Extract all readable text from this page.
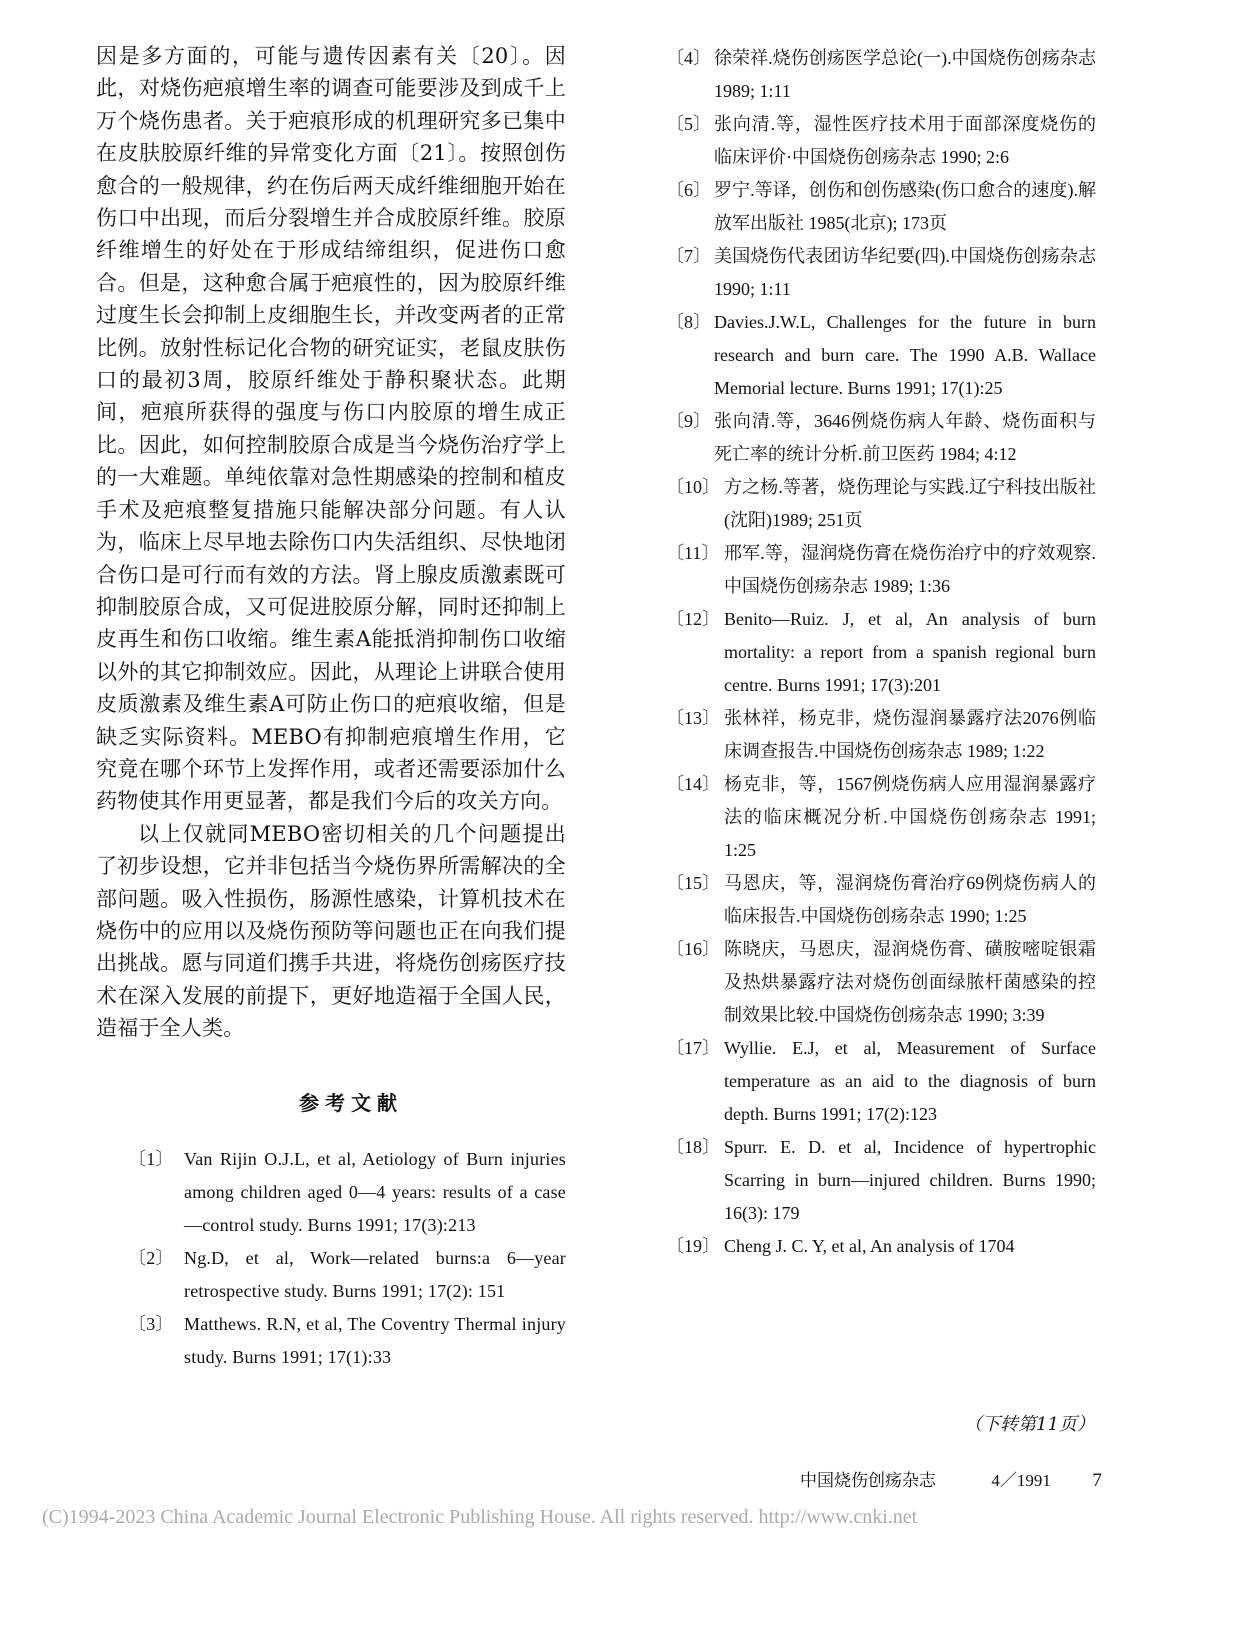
因是多方面的，可能与遗传因素有关〔20〕。因此，对烧伤疤痕增生率的调查可能要涉及到成千上万个烧伤患者。关于疤痕形成的机理研究多已集中在皮肤胶原纤维的异常变化方面〔21〕。按照创伤愈合的一般规律，约在伤后两天成纤维细胞开始在伤口中出现，而后分裂增生并合成胶原纤维。胶原纤维增生的好处在于形成结缔组织，促进伤口愈合。但是，这种愈合属于疤痕性的，因为胶原纤维过度生长会抑制上皮细胞生长，并改变两者的正常比例。放射性标记化合物的研究证实，老鼠皮肤伤口的最初3周，胶原纤维处于静积聚状态。此期间，疤痕所获得的强度与伤口内胶原的增生成正比。因此，如何控制胶原合成是当今烧伤治疗学上的一大难题。单纯依靠对急性期感染的控制和植皮手术及疤痕整复措施只能解决部分问题。有人认为，临床上尽早地去除伤口内失活组织、尽快地闭合伤口是可行而有效的方法。肾上腺皮质激素既可抑制胶原合成，又可促进胶原分解，同时还抑制上皮再生和伤口收缩。维生素A能抵消抑制伤口收缩以外的其它抑制效应。因此，从理论上讲联合使用皮质激素及维生素A可防止伤口的疤痕收缩，但是缺乏实际资料。MEBO有抑制疤痕增生作用，它究竟在哪个环节上发挥作用，或者还需要添加什么药物使其作用更显著，都是我们今后的攻关方向。

以上仅就同MEBO密切相关的几个问题提出了初步设想，它并非包括当今烧伤界所需解决的全部问题。吸入性损伤，肠源性感染，计算机技术在烧伤中的应用以及烧伤预防等问题也正在向我们提出挑战。愿与同道们携手共进，将烧伤创疡医疗技术在深入发展的前提下，更好地造福于全国人民，造福于全人类。

参考文献
〔1〕 Van Rijin O.J.L, et al, Aetiology of Burn injuries among children aged 0—4 years: results of a case—control study. Burns 1991; 17(3):213
〔2〕 Ng.D, et al, Work—related burns:a 6—year retrospective study. Burns 1991; 17(2): 151
〔3〕 Matthews. R.N, et al, The Coventry Thermal injury study. Burns 1991; 17(1):33
〔4〕 徐荣祥.烧伤创疡医学总论(一).中国烧伤创疡杂志 1989; 1:11
〔5〕 张向清.等，湿性医疗技术用于面部深度烧伤的临床评价·中国烧伤创疡杂志 1990; 2:6
〔6〕 罗宁.等译，创伤和创伤感染(伤口愈合的速度).解放军出版社 1985(北京); 173页
〔7〕 美国烧伤代表团访华纪要(四).中国烧伤创疡杂志 1990; 1:11
〔8〕 Davies.J.W.L, Challenges for the future in burn research and burn care. The 1990 A.B. Wallace Memorial lecture. Burns 1991; 17(1):25
〔9〕 张向清.等，3646例烧伤病人年龄、烧伤面积与死亡率的统计分析.前卫医药 1984; 4:12
〔10〕 方之杨.等著，烧伤理论与实践.辽宁科技出版社(沈阳)1989; 251页
〔11〕 邢军.等，湿润烧伤膏在烧伤治疗中的疗效观察.中国烧伤创疡杂志 1989; 1:36
〔12〕 Benito—Ruiz. J, et al, An analysis of burn mortality: a report from a spanish regional burn centre. Burns 1991; 17(3):201
〔13〕 张林祥，杨克非，烧伤湿润暴露疗法2076例临床调查报告.中国烧伤创疡杂志 1989; 1:22
〔14〕 杨克非，等，1567例烧伤病人应用湿润暴露疗法的临床概况分析.中国烧伤创疡杂志 1991; 1:25
〔15〕 马恩庆，等，湿润烧伤膏治疗69例烧伤病人的临床报告.中国烧伤创疡杂志 1990; 1:25
〔16〕 陈晓庆，马恩庆，湿润烧伤膏、磺胺嘧啶银霜及热烘暴露疗法对烧伤创面绿脓杆菌感染的控制效果比较.中国烧伤创疡杂志 1990; 3:39
〔17〕 Wyllie. E.J, et al, Measurement of Surface temperature as an aid to the diagnosis of burn depth. Burns 1991; 17(2):123
〔18〕 Spurr. E. D. et al, Incidence of hypertrophic Scarring in burn—injured children. Burns 1990; 16(3): 179
〔19〕 Cheng J. C. Y, et al, An analysis of 1704
（下转第11页）
中国烧伤创疡杂志	4／1991 7
(C)1994-2023 China Academic Journal Electronic Publishing House. All rights reserved. http://www.cnki.net
